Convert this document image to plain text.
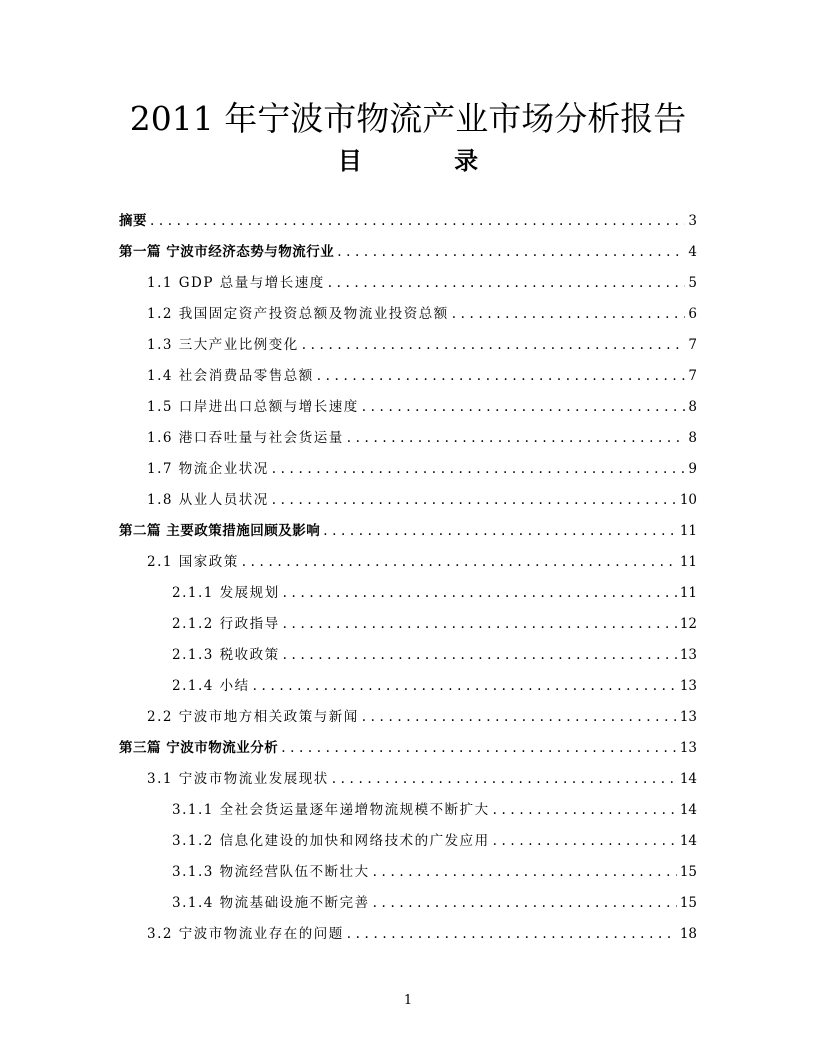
2011 年宁波市物流产业市场分析报告
目 录
摘要 .....	3
第一篇 宁波市经济态势与物流行业 .....	4
1.1 GDP 总量与增长速度 .....	5
1.2 我国固定资产投资总额及物流业投资总额 .....	6
1.3 三大产业比例变化 .....	7
1.4 社会消费品零售总额 .....	7
1.5 口岸进出口总额与增长速度 .....	8
1.6 港口吞吐量与社会货运量 .....	8
1.7 物流企业状况 .....	9
1.8 从业人员状况 .....	10
第二篇 主要政策措施回顾及影响 .....	11
2.1 国家政策 .....	11
2.1.1 发展规划 .....	11
2.1.2 行政指导 .....	12
2.1.3 税收政策 .....	13
2.1.4 小结 .....	13
2.2 宁波市地方相关政策与新闻 .....	13
第三篇 宁波市物流业分析 .....	13
3.1 宁波市物流业发展现状 .....	14
3.1.1 全社会货运量逐年递增物流规模不断扩大 .....	14
3.1.2 信息化建设的加快和网络技术的广发应用 .....	14
3.1.3 物流经营队伍不断壮大 .....	15
3.1.4 物流基础设施不断完善 .....	15
3.2 宁波市物流业存在的问题 .....	18
1
